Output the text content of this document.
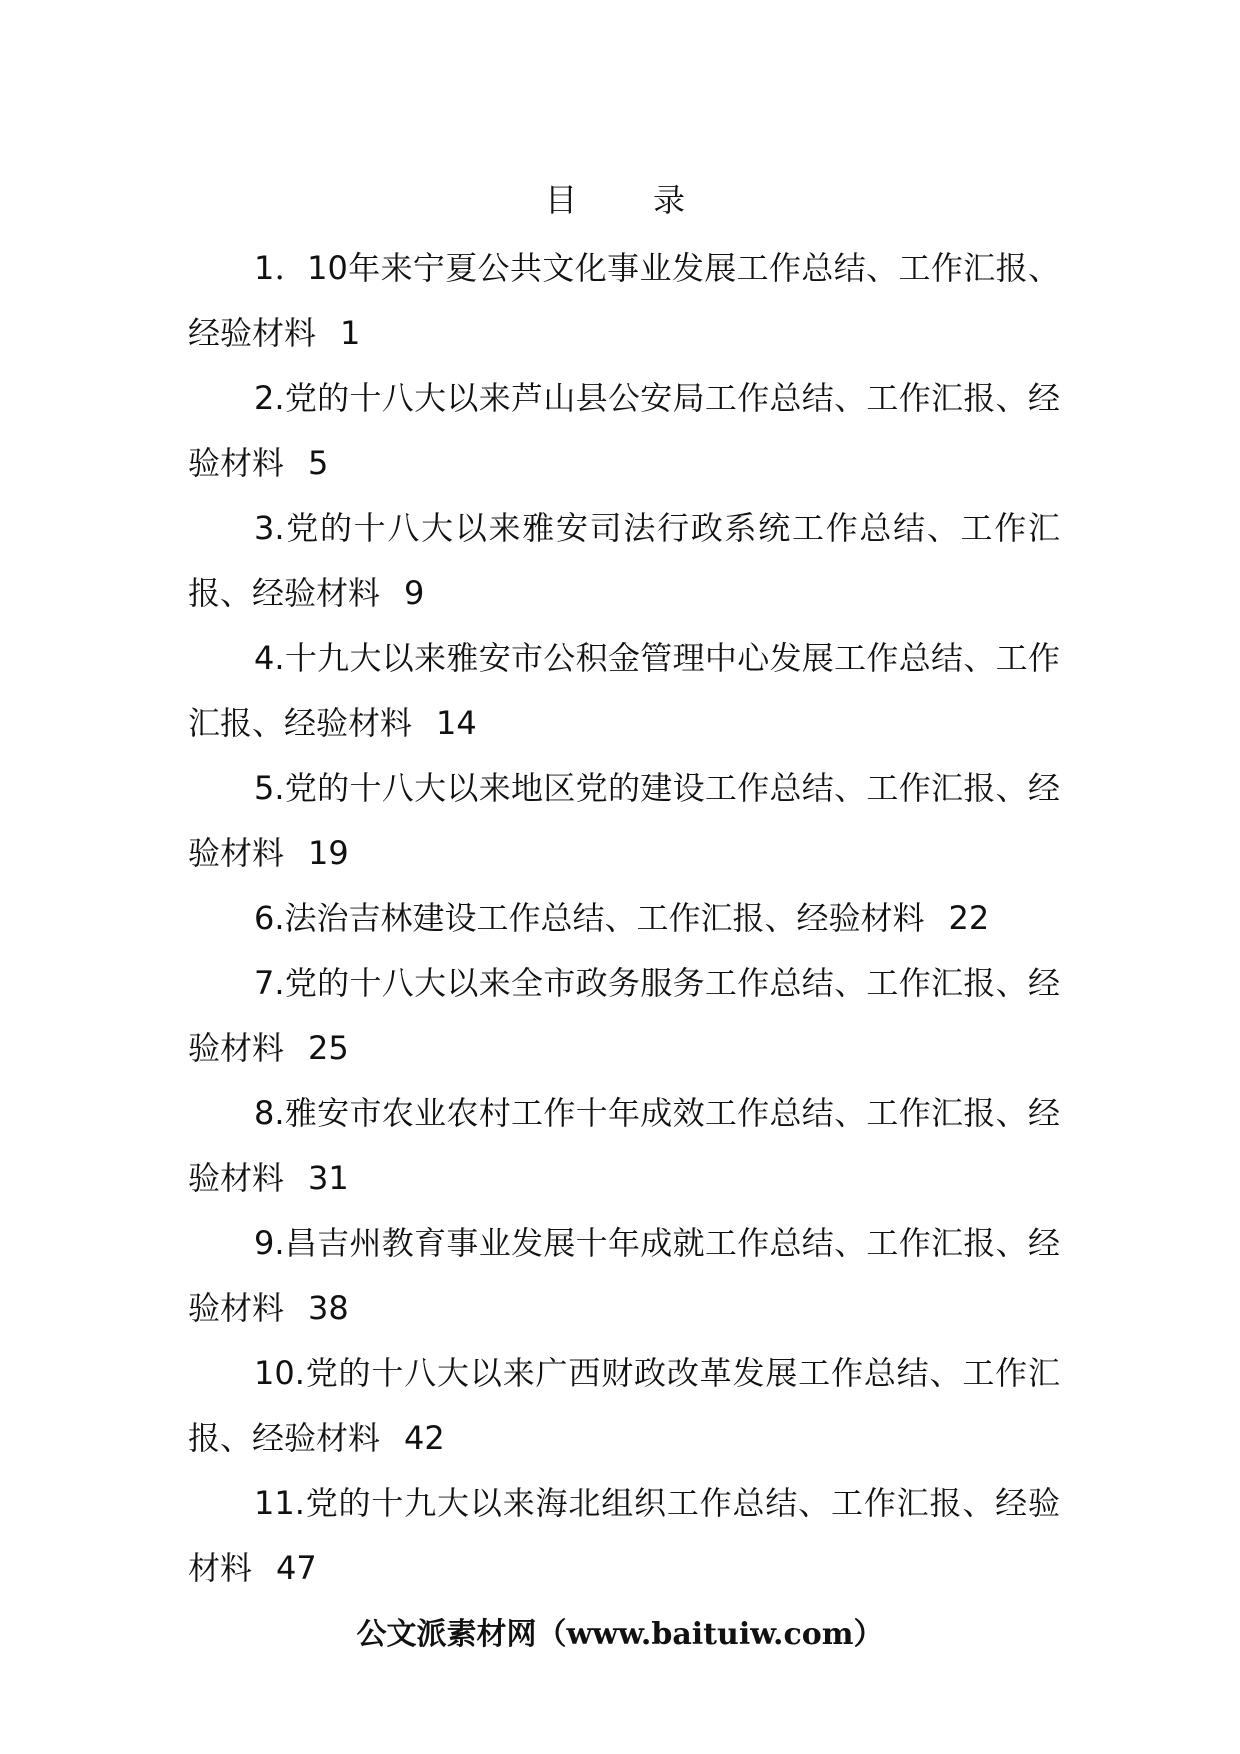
目　录
1．10年来宁夏公共文化事业发展工作总结、工作汇报、经验材料 1
2.党的十八大以来芦山县公安局工作总结、工作汇报、经验材料 5
3.党的十八大以来雅安司法行政系统工作总结、工作汇报、经验材料 9
4.十九大以来雅安市公积金管理中心发展工作总结、工作汇报、经验材料 14
5.党的十八大以来地区党的建设工作总结、工作汇报、经验材料 19
6.法治吉林建设工作总结、工作汇报、经验材料 22
7.党的十八大以来全市政务服务工作总结、工作汇报、经验材料 25
8.雅安市农业农村工作十年成效工作总结、工作汇报、经验材料 31
9.昌吉州教育事业发展十年成就工作总结、工作汇报、经验材料 38
10.党的十八大以来广西财政改革发展工作总结、工作汇报、经验材料 42
11.党的十九大以来海北组织工作总结、工作汇报、经验材料 47
公文派素材网（www.baituiw.com）
